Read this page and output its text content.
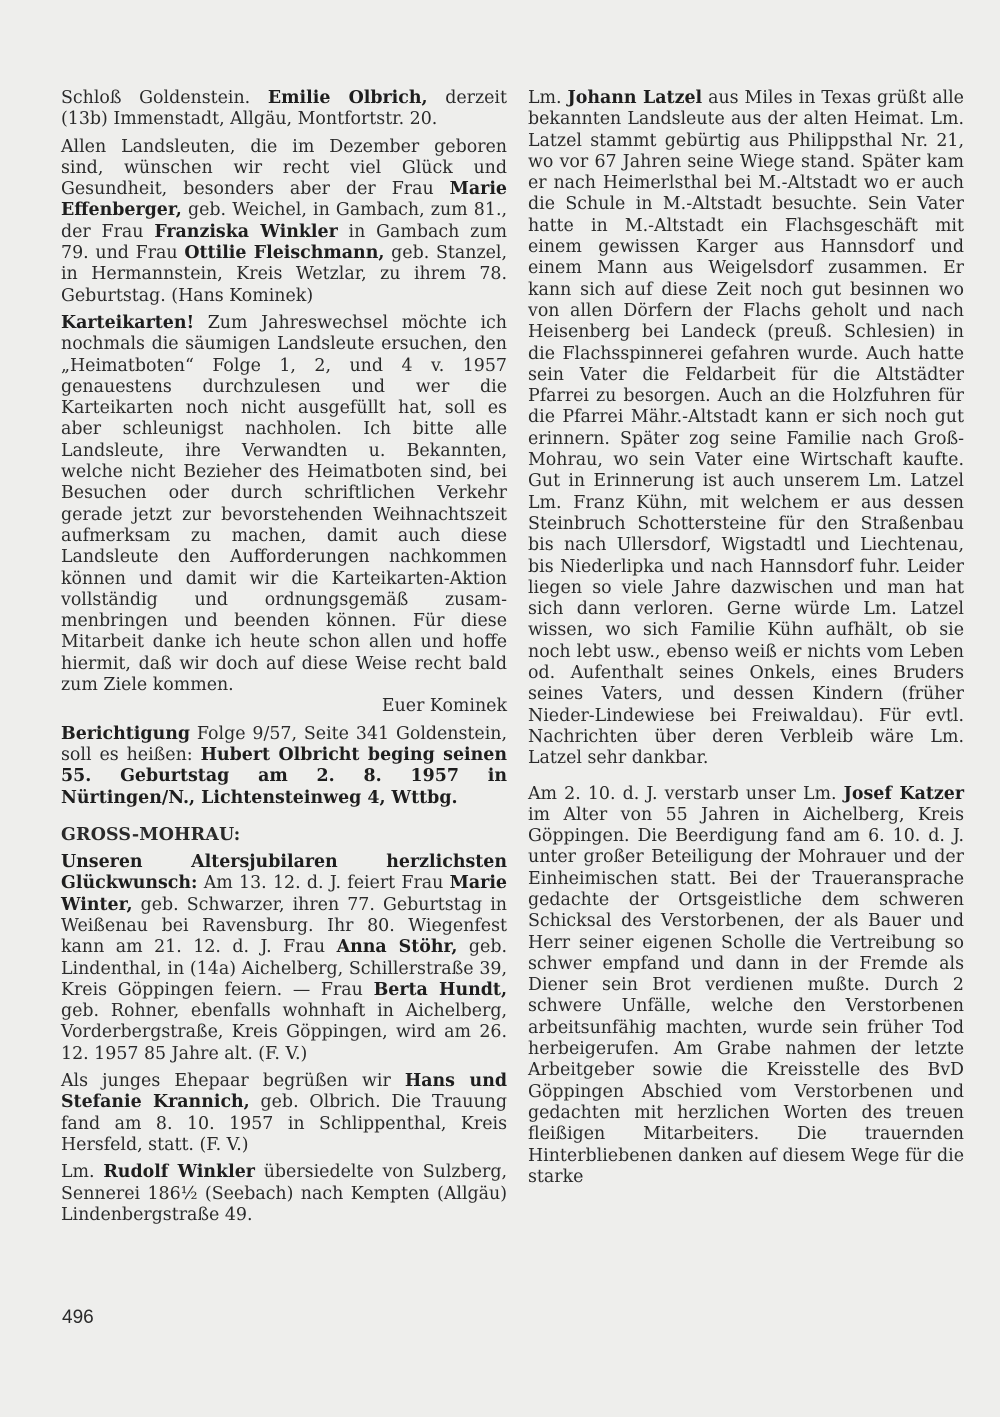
Schloß Goldenstein. Emilie Olbrich, derzeit (13b) Immenstadt, Allgäu, Montfortstr. 20.

Allen Landsleuten, die im Dezember geboren sind, wünschen wir recht viel Glück und Gesundheit, besonders aber der Frau Marie Effenberger, geb. Weichel, in Gambach, zum 81., der Frau Franziska Winkler in Gambach zum 79. und Frau Ottilie Fleischmann, geb. Stanzel, in Hermannstein, Kreis Wetzlar, zu ihrem 78. Geburtstag. (Hans Kominek)

Karteikarten! Zum Jahreswechsel möchte ich nochmals die säumigen Landsleute ersuchen, den „Heimatboten“ Folge 1, 2, und 4 v. 1957 genauestens durchzulesen und wer die Karteikarten noch nicht ausgefüllt hat, soll es aber schleunigst nachholen. Ich bitte alle Landsleute, ihre Verwandten u. Bekannten, welche nicht Bezieher des Heimatboten sind, bei Besuchen oder durch schriftlichen Verkehr gerade jetzt zur bevorstehenden Weihnachtszeit aufmerksam zu machen, damit auch diese Landsleute den Aufforderungen nachkommen können und damit wir die Karteikarten-Aktion vollständig und ordnungsgemäß zusammenbringen und beenden können. Für diese Mitarbeit danke ich heute schon allen und hoffe hiermit, daß wir doch auf diese Weise recht bald zum Ziele kommen.

Euer Kominek

Berichtigung Folge 9/57, Seite 341 Goldenstein, soll es heißen: Hubert Olbricht beging seinen 55. Geburtstag am 2. 8. 1957 in Nürtingen/N., Lichtensteinweg 4, Wttbg.

GROSS-MOHRAU:

Unseren Altersjubilaren herzlichsten Glückwunsch: Am 13. 12. d. J. feiert Frau Marie Winter, geb. Schwarzer, ihren 77. Geburtstag in Weißenau bei Ravensburg. Ihr 80. Wiegenfest kann am 21. 12. d. J. Frau Anna Stöhr, geb. Lindenthal, in (14a) Aichelberg, Schillerstraße 39, Kreis Göppingen feiern. — Frau Berta Hundt, geb. Rohner, ebenfalls wohnhaft in Aichelberg, Vorderbergstraße, Kreis Göppingen, wird am 26. 12. 1957 85 Jahre alt. (F. V.)

Als junges Ehepaar begrüßen wir Hans und Stefanie Krannich, geb. Olbrich. Die Trauung fand am 8. 10. 1957 in Schlippenthal, Kreis Hersfeld, statt. (F. V.)

Lm. Rudolf Winkler übersiedelte von Sulzberg, Sennerei 186½ (Seebach) nach Kempten (Allgäu) Lindenbergstraße 49.

Lm. Johann Latzel aus Miles in Texas grüßt alle bekannten Landsleute aus der alten Heimat. Lm. Latzel stammt gebürtig aus Philippsthal Nr. 21, wo vor 67 Jahren seine Wiege stand. Später kam er nach Heimerlsthal bei M.-Altstadt wo er auch die Schule in M.-Altstadt besuchte. Sein Vater hatte in M.-Altstadt ein Flachsgeschäft mit einem gewissen Karger aus Hannsdorf und einem Mann aus Weigelsdorf zusammen. Er kann sich auf diese Zeit noch gut besinnen wo von allen Dörfern der Flachs geholt und nach Heisenberg bei Landeck (preuß. Schlesien) in die Flachsspinnerei gefahren wurde. Auch hatte sein Vater die Feldarbeit für die Altstädter Pfarrei zu besorgen. Auch an die Holzfuhren für die Pfarrei Mähr.-Altstadt kann er sich noch gut erinnern. Später zog seine Familie nach Groß-Mohrau, wo sein Vater eine Wirtschaft kaufte. Gut in Erinnerung ist auch unserem Lm. Latzel Lm. Franz Kühn, mit welchem er aus dessen Steinbruch Schottersteine für den Straßenbau bis nach Ullersdorf, Wigstadtl und Liechtenau, bis Niederlipka und nach Hannsdorf fuhr. Leider liegen so viele Jahre dazwischen und man hat sich dann verloren. Gerne würde Lm. Latzel wissen, wo sich Familie Kühn aufhält, ob sie noch lebt usw., ebenso weiß er nichts vom Leben od. Aufenthalt seines Onkels, eines Bruders seines Vaters, und dessen Kindern (früher Nieder-Lindewiese bei Freiwaldau). Für evtl. Nachrichten über deren Verbleib wäre Lm. Latzel sehr dankbar.

Am 2. 10. d. J. verstarb unser Lm. Josef Katzer im Alter von 55 Jahren in Aichelberg, Kreis Göppingen. Die Beerdigung fand am 6. 10. d. J. unter großer Beteiligung der Mohrauer und der Einheimischen statt. Bei der Traueransprache gedachte der Ortsgeistliche dem schweren Schicksal des Verstorbenen, der als Bauer und Herr seiner eigenen Scholle die Vertreibung so schwer empfand und dann in der Fremde als Diener sein Brot verdienen mußte. Durch 2 schwere Unfälle, welche den Verstorbenen arbeitsunfähig machten, wurde sein früher Tod herbeigerufen. Am Grabe nahmen der letzte Arbeitgeber sowie die Kreisstelle des BvD Göppingen Abschied vom Verstorbenen und gedachten mit herzlichen Worten des treuen fleißigen Mitarbeiters. Die trauernden Hinterbliebenen danken auf diesem Wege für die starke

496
